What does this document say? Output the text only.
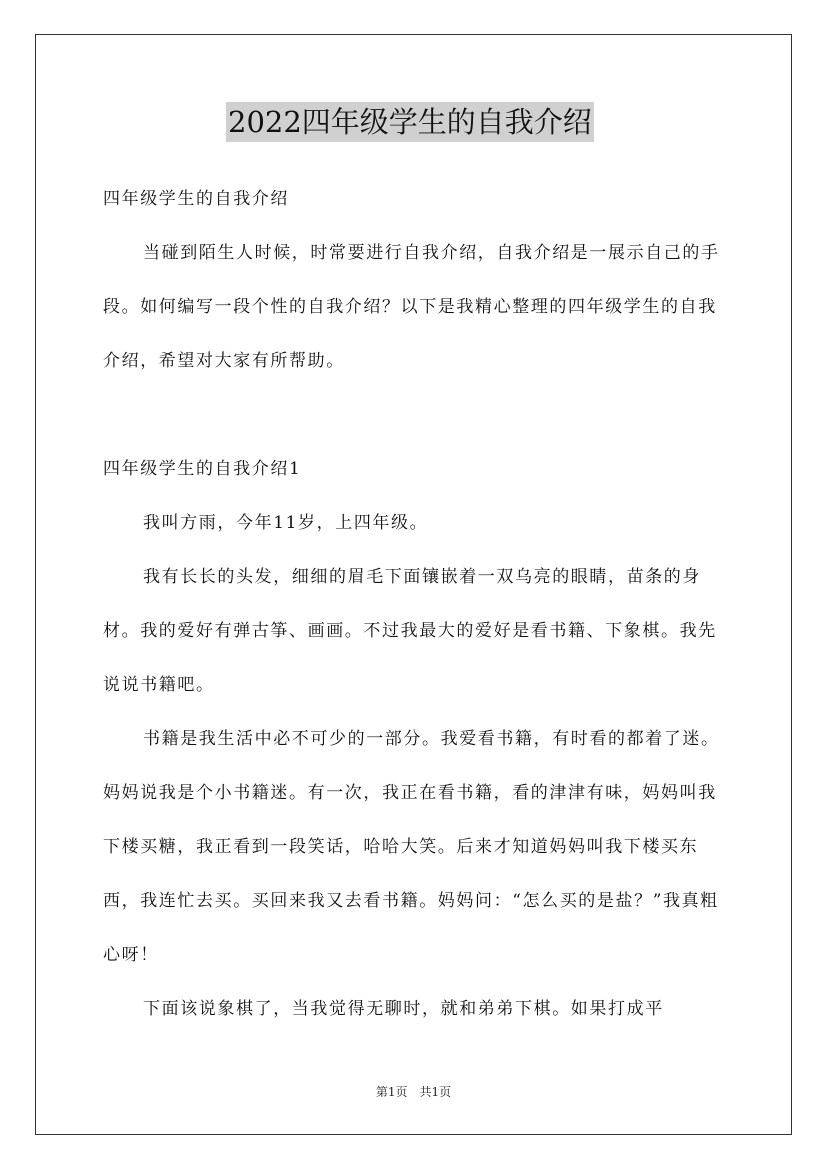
2022四年级学生的自我介绍

四年级学生的自我介绍

当碰到陌生人时候，时常要进行自我介绍，自我介绍是一展示自己的手段。如何编写一段个性的自我介绍？以下是我精心整理的四年级学生的自我介绍，希望对大家有所帮助。

四年级学生的自我介绍1

我叫方雨，今年11岁，上四年级。

我有长长的头发，细细的眉毛下面镶嵌着一双乌亮的眼睛，苗条的身材。我的爱好有弹古筝、画画。不过我最大的爱好是看书籍、下象棋。我先说说书籍吧。

书籍是我生活中必不可少的一部分。我爱看书籍，有时看的都着了迷。妈妈说我是个小书籍迷。有一次，我正在看书籍，看的津津有味，妈妈叫我下楼买糖，我正看到一段笑话，哈哈大笑。后来才知道妈妈叫我下楼买东西，我连忙去买。买回来我又去看书籍。妈妈问：“怎么买的是盐？”我真粗心呀！

下面该说象棋了，当我觉得无聊时，就和弟弟下棋。如果打成平

第1页 共1页
